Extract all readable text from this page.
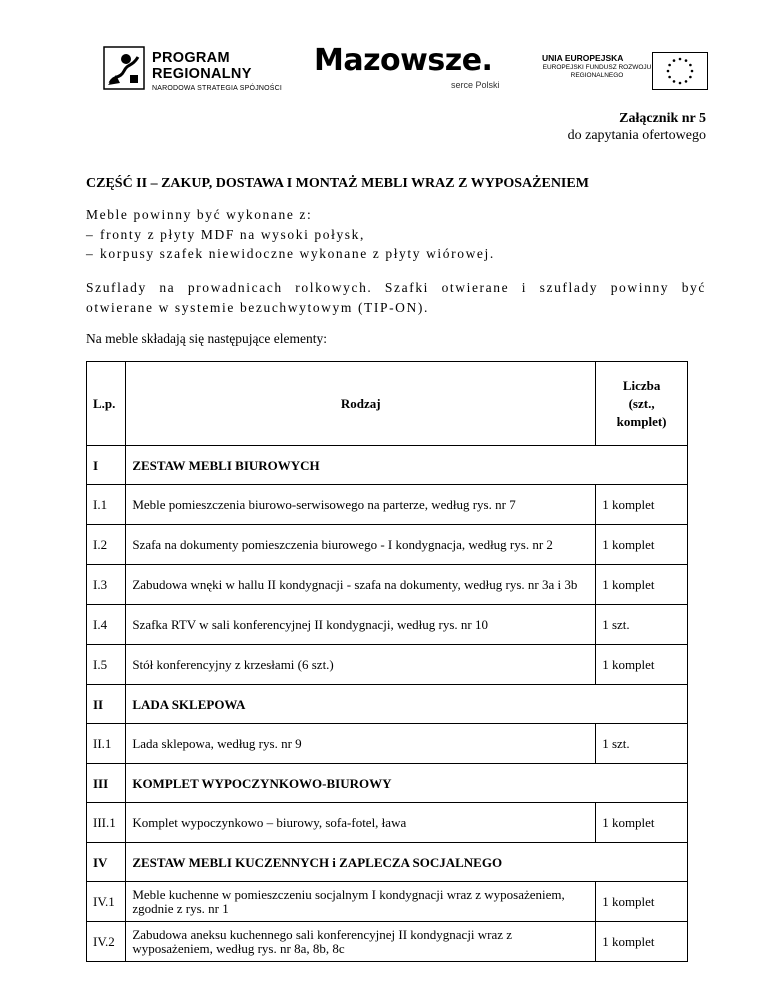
PROGRAM
REGIONALNY
NARODOWA STRATEGIA SPÓJNOŚCI
Mazowsze.
serce Polski
UNIA EUROPEJSKA
EUROPEJSKI FUNDUSZ ROZWOJU REGIONALNEGO
Załącznik nr 5
do zapytania ofertowego
CZĘŚĆ II – ZAKUP, DOSTAWA I MONTAŻ MEBLI WRAZ Z WYPOSAŻENIEM
Meble powinny być wykonane z:
– fronty z płyty MDF na wysoki połysk,
– korpusy szafek niewidoczne wykonane z płyty wiórowej.
Szuflady na prowadnicach rolkowych. Szafki otwierane i szuflady powinny być otwierane w systemie bezuchwytowym (TIP-ON).
Na meble składają się następujące elementy:
L.p.	Rodzaj	Liczba
(szt.,
komplet)

I	ZESTAW MEBLI BIUROWYCH	
I.1	Meble pomieszczenia biurowo-serwisowego na parterze, według rys. nr 7	1 komplet
I.2	Szafa na dokumenty pomieszczenia biurowego - I kondygnacja, według rys. nr 2	1 komplet
I.3	Zabudowa wnęki w hallu II kondygnacji - szafa na dokumenty, według rys. nr 3a i 3b	1 komplet
I.4	Szafka RTV w sali konferencyjnej II kondygnacji, według rys. nr 10	1 szt.
I.5	Stół konferencyjny z krzesłami (6 szt.)	1 komplet
II	LADA SKLEPOWA	
II.1	Lada sklepowa, według rys. nr 9	1 szt.
III	KOMPLET WYPOCZYNKOWO-BIUROWY	
III.1	Komplet wypoczynkowo – biurowy, sofa-fotel, ława	1 komplet
IV	ZESTAW MEBLI KUCZENNYCH i ZAPLECZA SOCJALNEGO	
IV.1	Meble kuchenne w pomieszczeniu socjalnym I kondygnacji wraz z wyposażeniem, zgodnie z rys. nr 1	1 komplet
IV.2	Zabudowa aneksu kuchennego sali konferencyjnej II kondygnacji wraz z wyposażeniem, według rys. nr 8a, 8b, 8c	1 komplet
